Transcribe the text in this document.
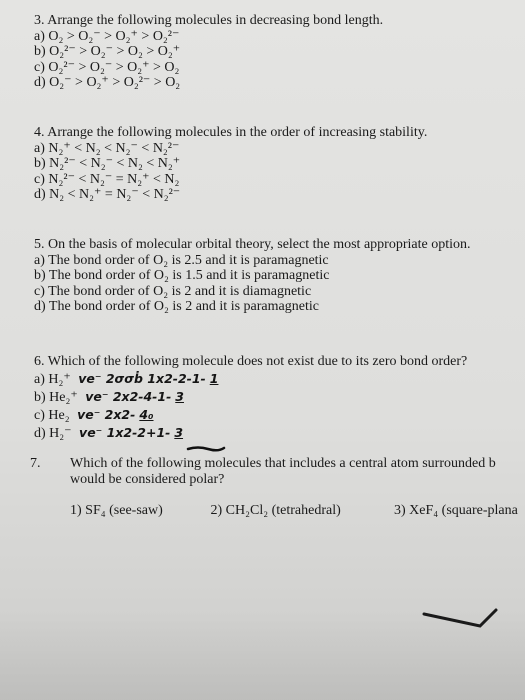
3. Arrange the following molecules in decreasing bond length.
a) O₂ > O₂⁻ > O₂⁺ > O₂²⁻
b) O₂²⁻ > O₂⁻ > O₂ > O₂⁺
c) O₂²⁻ > O₂⁻ > O₂⁺ > O₂
d) O₂⁻ > O₂⁺ > O₂²⁻ > O₂
4. Arrange the following molecules in the order of increasing stability.
a) N₂⁺ < N₂ < N₂⁻ < N₂²⁻
b) N₂²⁻ < N₂⁻ < N₂ < N₂⁺
c) N₂²⁻ < N₂⁻ = N₂⁺ < N₂
d) N₂ < N₂⁺ = N₂⁻ < N₂²⁻
5. On the basis of molecular orbital theory, select the most appropriate option.
a) The bond order of O₂ is 2.5 and it is paramagnetic
b) The bond order of O₂ is 1.5 and it is paramagnetic
c) The bond order of O₂ is 2 and it is diamagnetic
d) The bond order of O₂ is 2 and it is paramagnetic
6. Which of the following molecule does not exist due to its zero bond order?
a) H₂⁺ ve⁻ 2σσḃ 1x2-2-1- 1
b) He₂⁺ ve⁻ 2x2-4-1- 3
c) He₂ ve⁻ 2x2- 4₀
d) H₂⁻ ve⁻ 1x2-2+1- 3
7. Which of the following molecules that includes a central atom surrounded b
would be considered polar?
1) SF₄ (see-saw)	2) CH₂Cl₂ (tetrahedral)	3) XeF₄ (square-plana
